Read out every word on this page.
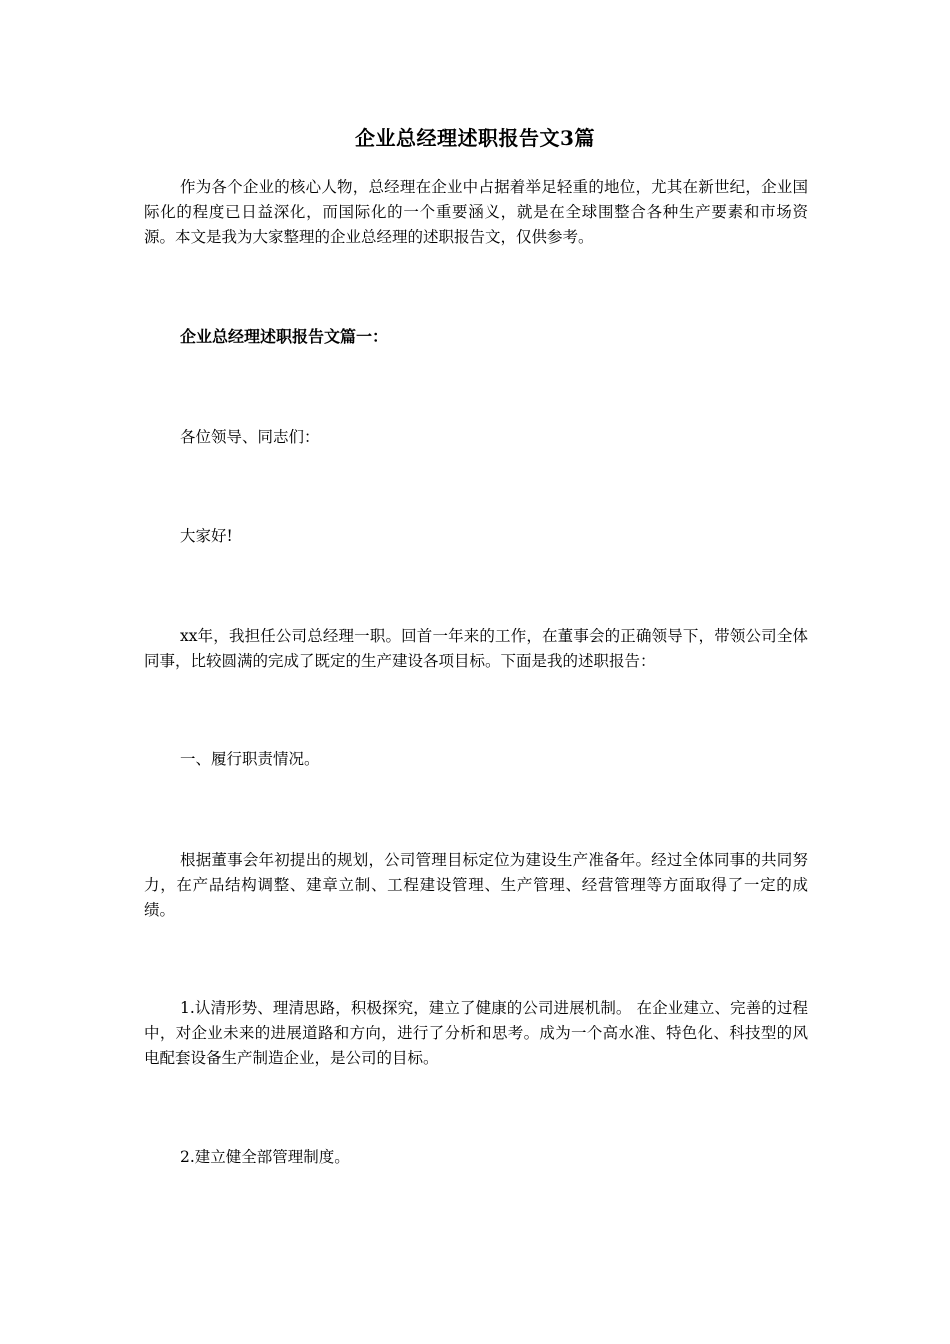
企业总经理述职报告文3篇

作为各个企业的核心人物，总经理在企业中占据着举足轻重的地位，尤其在新世纪，企业国际化的程度已日益深化，而国际化的一个重要涵义，就是在全球围整合各种生产要素和市场资源。本文是我为大家整理的企业总经理的述职报告文，仅供参考。

企业总经理述职报告文篇一：
各位领导、同志们：
大家好!

xx年，我担任公司总经理一职。回首一年来的工作，在董事会的正确领导下，带领公司全体同事，比较圆满的完成了既定的生产建设各项目标。下面是我的述职报告：

一、履行职责情况。

根据董事会年初提出的规划，公司管理目标定位为建设生产准备年。经过全体同事的共同努力，在产品结构调整、建章立制、工程建设管理、生产管理、经营管理等方面取得了一定的成绩。

1.认清形势、理清思路，积极探究，建立了健康的公司进展机制。 在企业建立、完善的过程中，对企业未来的进展道路和方向，进行了分析和思考。成为一个高水准、特色化、科技型的风电配套设备生产制造企业，是公司的目标。

2.建立健全部管理制度。
